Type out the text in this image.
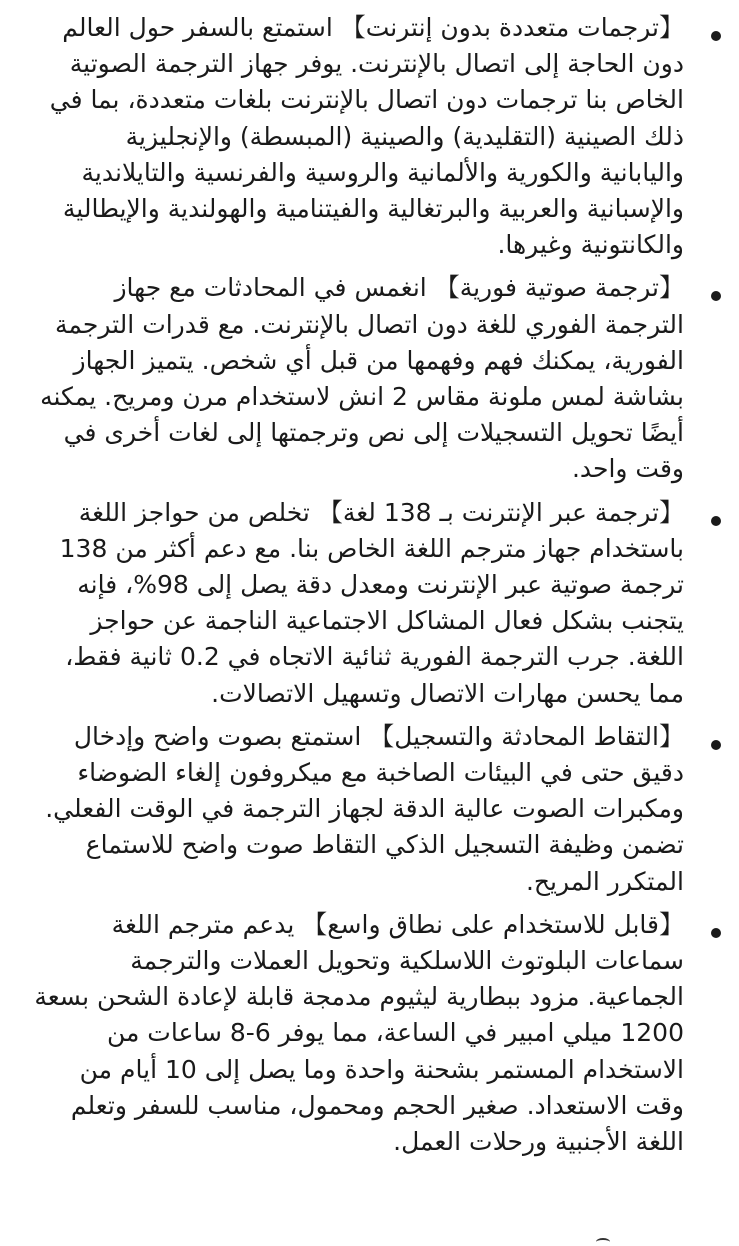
【ترجمات متعددة بدون إنترنت】 استمتع بالسفر حول العالم دون الحاجة إلى اتصال بالإنترنت. يوفر جهاز الترجمة الصوتية الخاص بنا ترجمات دون اتصال بالإنترنت بلغات متعددة، بما في ذلك الصينية (التقليدية) والصينية (المبسطة) والإنجليزية واليابانية والكورية والألمانية والروسية والفرنسية والتايلاندية والإسبانية والعربية والبرتغالية والفيتنامية والهولندية والإيطالية والكانتونية وغيرها.
【ترجمة صوتية فورية】 انغمس في المحادثات مع جهاز الترجمة الفوري للغة دون اتصال بالإنترنت. مع قدرات الترجمة الفورية، يمكنك فهم وفهمها من قبل أي شخص. يتميز الجهاز بشاشة لمس ملونة مقاس 2 انش لاستخدام مرن ومريح. يمكنه أيضًا تحويل التسجيلات إلى نص وترجمتها إلى لغات أخرى في وقت واحد.
【ترجمة عبر الإنترنت بـ 138 لغة】 تخلص من حواجز اللغة باستخدام جهاز مترجم اللغة الخاص بنا. مع دعم أكثر من 138 ترجمة صوتية عبر الإنترنت ومعدل دقة يصل إلى 98%، فإنه يتجنب بشكل فعال المشاكل الاجتماعية الناجمة عن حواجز اللغة. جرب الترجمة الفورية ثنائية الاتجاه في 0.2 ثانية فقط، مما يحسن مهارات الاتصال وتسهيل الاتصالات.
【التقاط المحادثة والتسجيل】 استمتع بصوت واضح وإدخال دقيق حتى في البيئات الصاخبة مع ميكروفون إلغاء الضوضاء ومكبرات الصوت عالية الدقة لجهاز الترجمة في الوقت الفعلي. تضمن وظيفة التسجيل الذكي التقاط صوت واضح للاستماع المتكرر المريح.
【قابل للاستخدام على نطاق واسع】 يدعم مترجم اللغة سماعات البلوتوث اللاسلكية وتحويل العملات والترجمة الجماعية. مزود ببطارية ليثيوم مدمجة قابلة لإعادة الشحن بسعة 1200 ميلي امبير في الساعة، مما يوفر 6-8 ساعات من الاستخدام المستمر بشحنة واحدة وما يصل إلى 10 أيام من وقت الاستعداد. صغير الحجم ومحمول، مناسب للسفر وتعلم اللغة الأجنبية ورحلات العمل.
